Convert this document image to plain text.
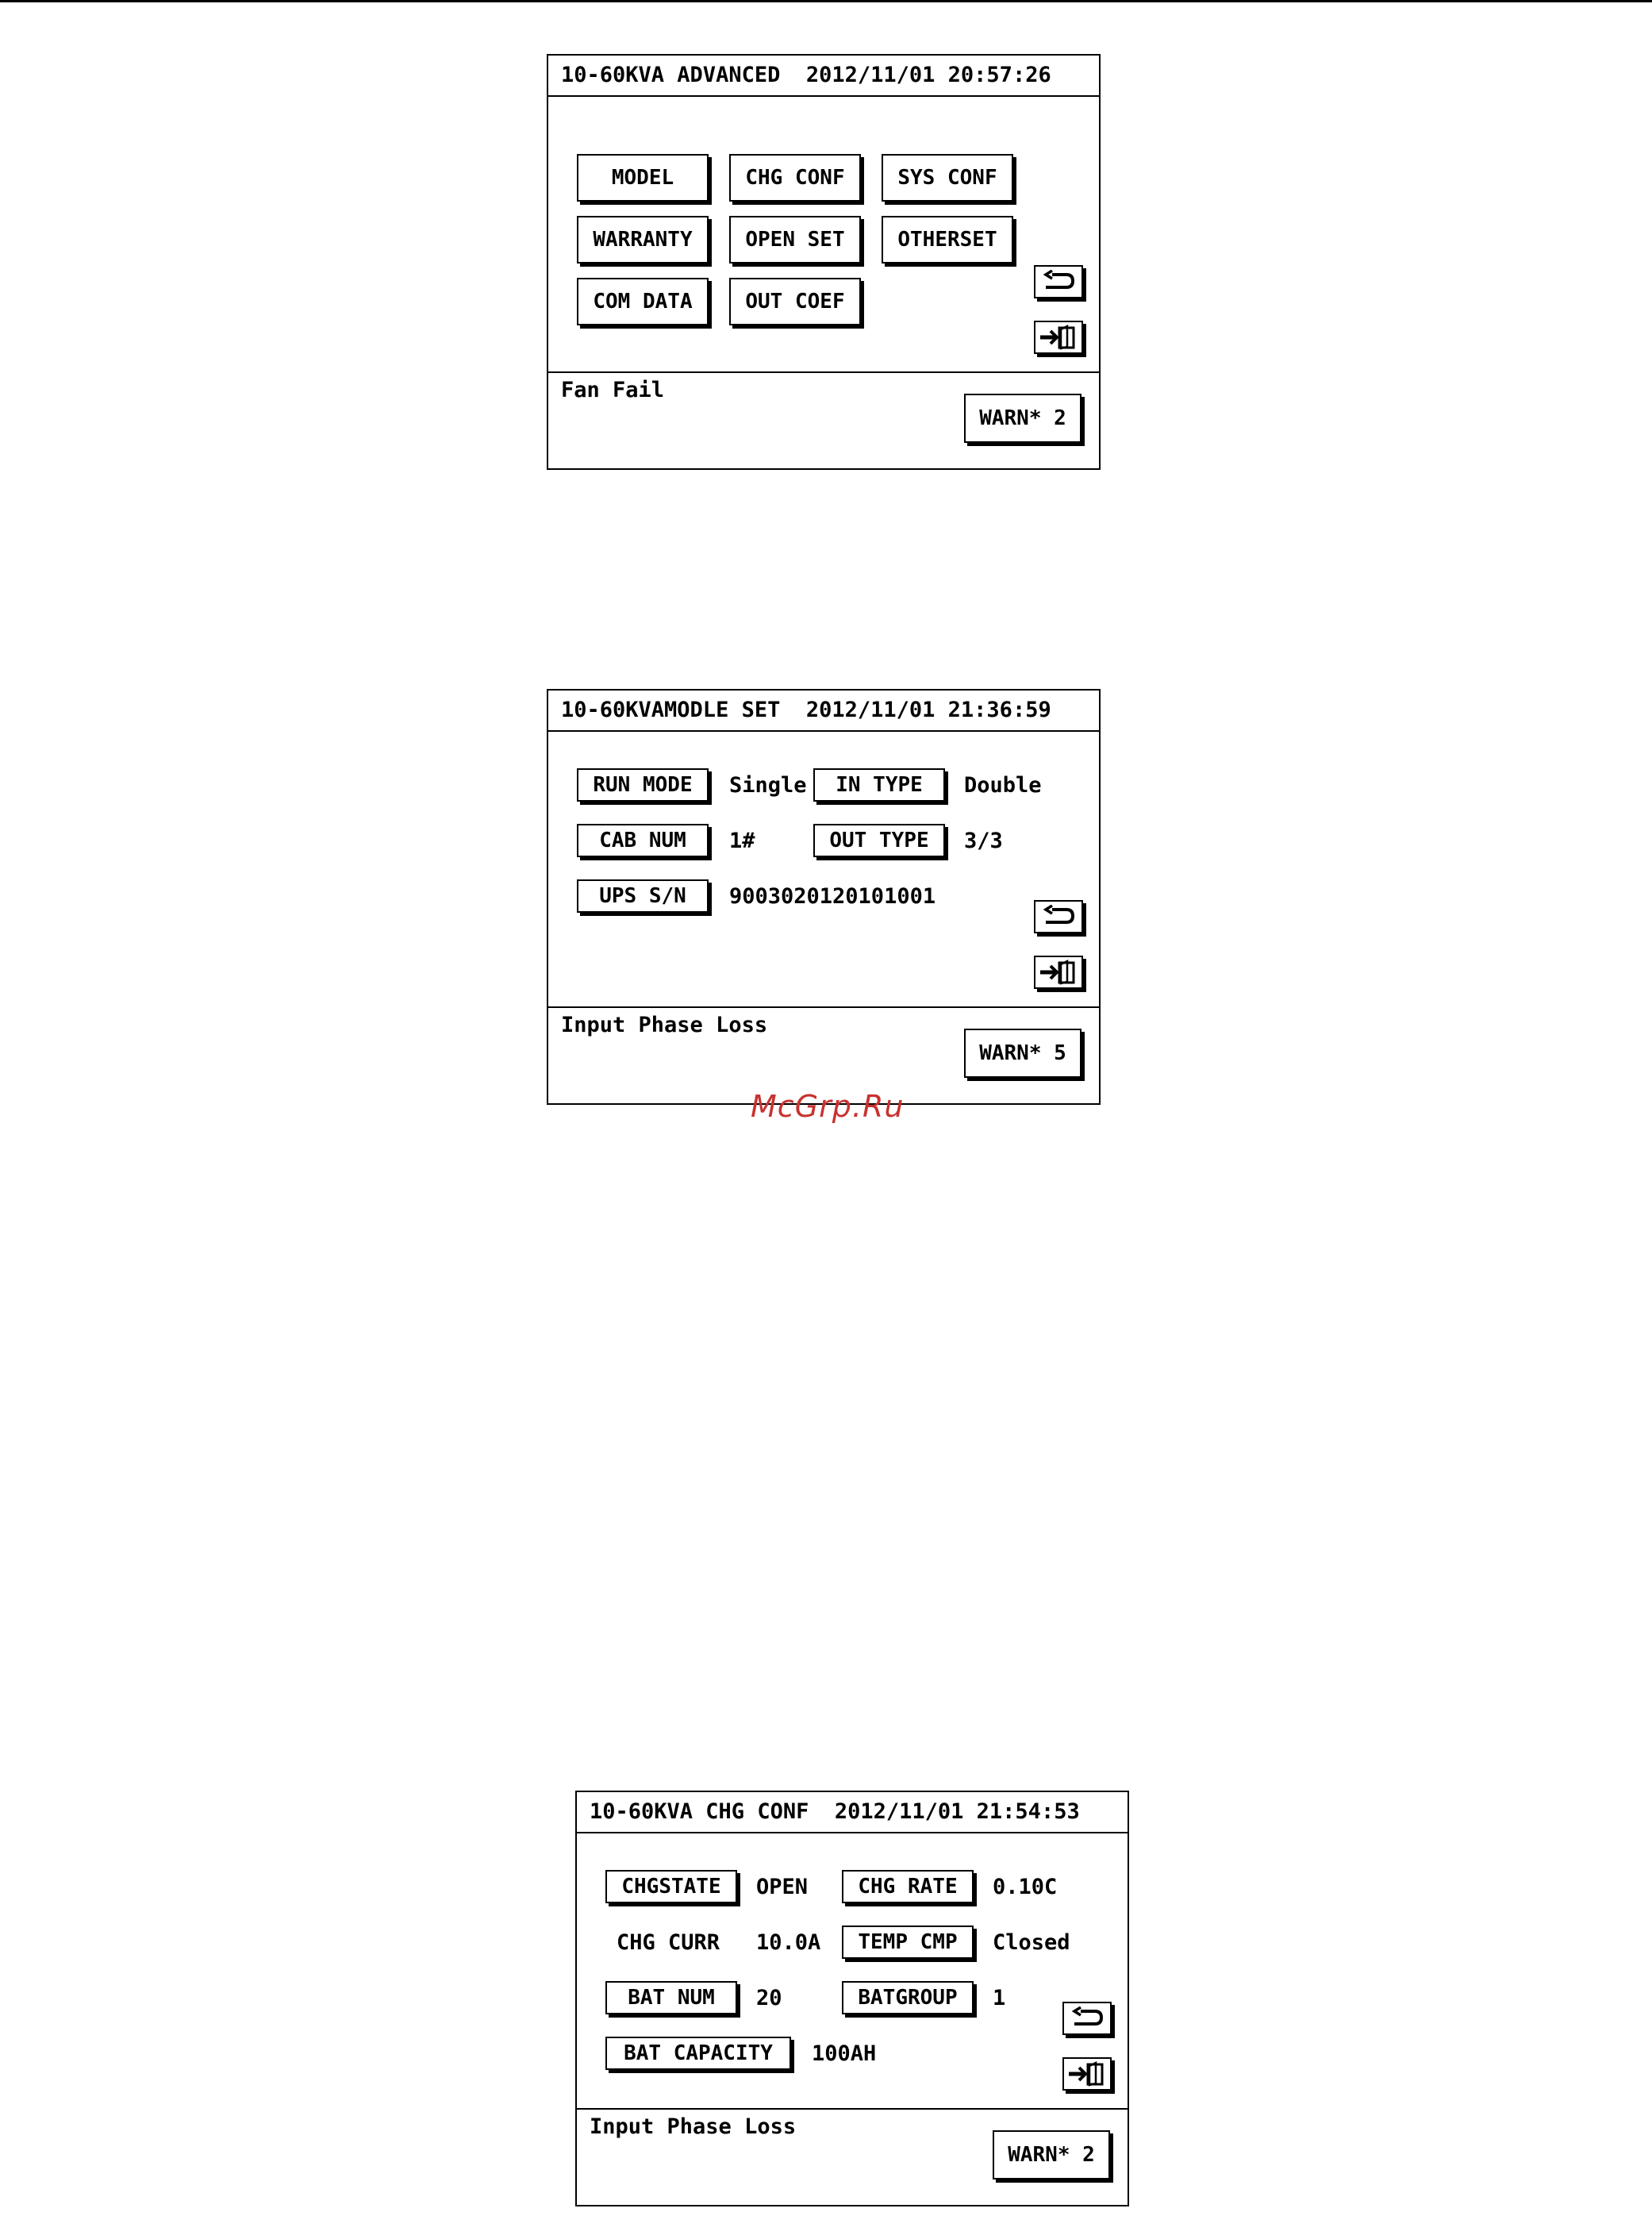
10-60KVA ADVANCED  2012/11/01 20:57:26
MODEL	CHG CONF	SYS CONF
WARRANTY	OPEN SET	OTHERSET
COM DATA	OUT COEF
Fan Fail
WARN* 2
10-60KVAMODLE SET  2012/11/01 21:36:59
RUN MODE	Single	IN TYPE	Double
CAB NUM	1#	OUT TYPE	3/3
UPS S/N	9003020120101001
Input Phase Loss
WARN* 5
McGrp.Ru
10-60KVA CHG CONF  2012/11/01 21:54:53
CHGSTATE	OPEN	CHG RATE	0.10C
CHG CURR 10.0A	TEMP CMP	Closed
BAT NUM	20	BATGROUP	1
BAT CAPACITY	100AH
Input Phase Loss
WARN* 2
